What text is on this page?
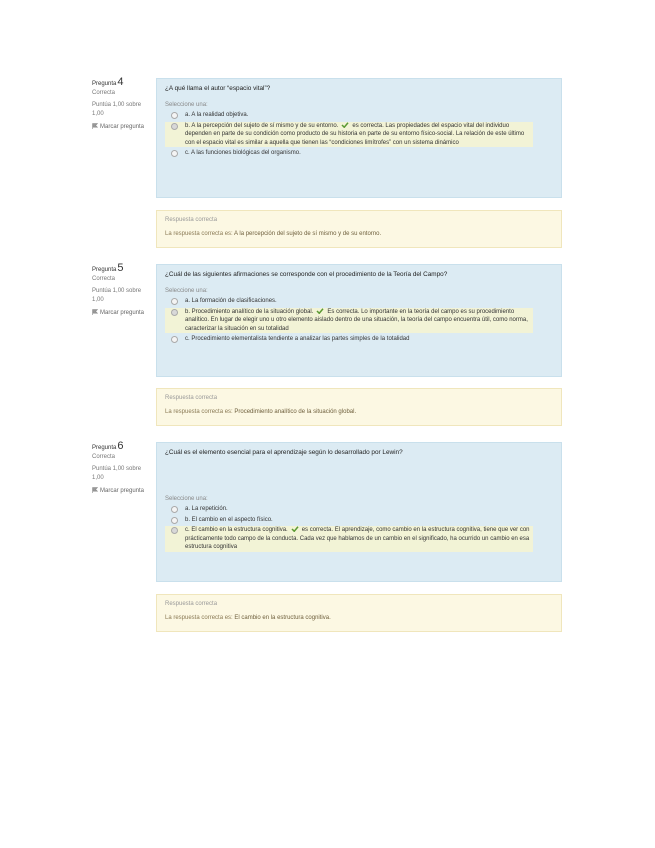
Pregunta4
Correcta
Puntúa 1,00 sobre 1,00
Marcar pregunta

¿A qué llama el autor “espacio vital”?

Seleccione una:
a. A la realidad objetiva.
b. A la percepción del sujeto de sí mismo y de su entorno. es correcta. Las propiedades del espacio vital del individuo dependen en parte de su condición como producto de su historia en parte de su entorno físico-social. La relación de este último con el espacio vital es similar a aquella que tienen las “condiciones limítrofes” con un sistema dinámico
c. A las funciones biológicas del organismo.
Respuesta correcta
La respuesta correcta es: A la percepción del sujeto de sí mismo y de su entorno.
Pregunta5
Correcta
Puntúa 1,00 sobre 1,00
Marcar pregunta

¿Cuál de las siguientes afirmaciones se corresponde con el procedimiento de la Teoría del Campo?

Seleccione una:
a. La formación de clasificaciones.
b. Procedimiento analítico de la situación global. Es correcta. Lo importante en la teoría del campo es su procedimiento analítico. En lugar de elegir uno u otro elemento aislado dentro de una situación, la teoría del campo encuentra útil, como norma, caracterizar la situación en su totalidad
c. Procedimiento elementalista tendiente a analizar las partes simples de la totalidad
Respuesta correcta
La respuesta correcta es: Procedimiento analítico de la situación global.
Pregunta6
Correcta
Puntúa 1,00 sobre 1,00
Marcar pregunta

¿Cuál es el elemento esencial para el aprendizaje según lo desarrollado por Lewin?

Seleccione una:
a. La repetición.
b. El cambio en el aspecto físico.
c. El cambio en la estructura cognitiva. es correcta. El aprendizaje, como cambio en la estructura cognitiva, tiene que ver con prácticamente todo campo de la conducta. Cada vez que hablamos de un cambio en el significado, ha ocurrido un cambio en esa estructura cognitiva
Respuesta correcta
La respuesta correcta es: El cambio en la estructura cognitiva.
